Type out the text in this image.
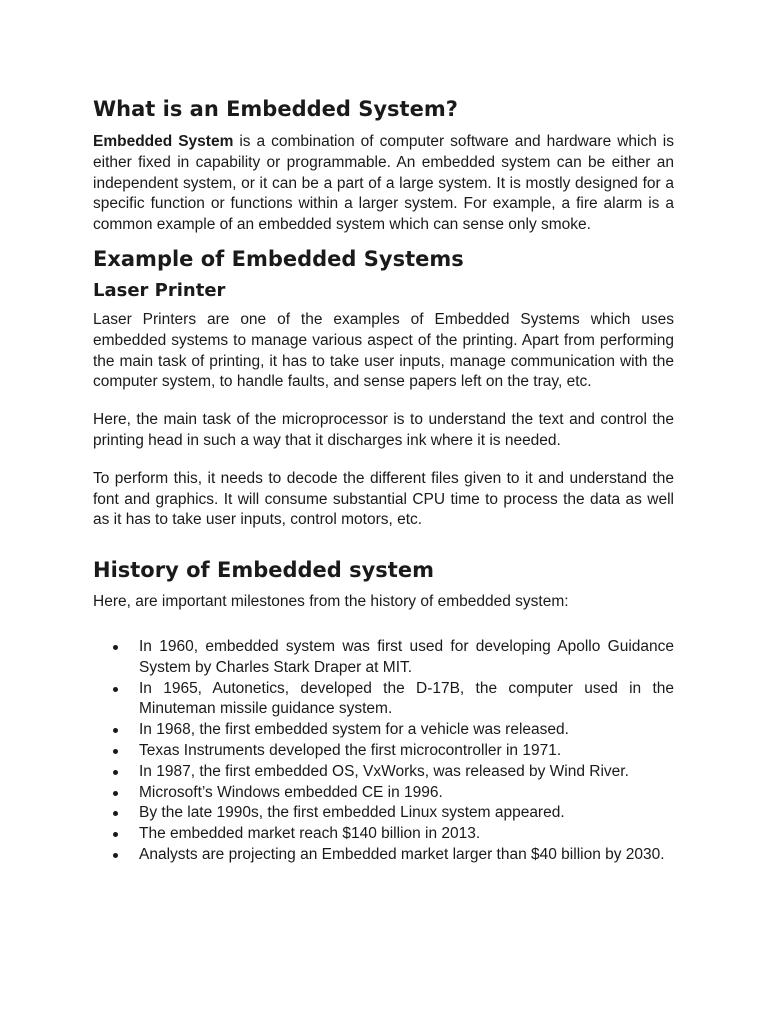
What is an Embedded System?

Embedded System is a combination of computer software and hardware which is either fixed in capability or programmable. An embedded system can be either an independent system, or it can be a part of a large system. It is mostly designed for a specific function or functions within a larger system. For example, a fire alarm is a common example of an embedded system which can sense only smoke.

Example of Embedded Systems
Laser Printer

Laser Printers are one of the examples of Embedded Systems which uses embedded systems to manage various aspect of the printing. Apart from performing the main task of printing, it has to take user inputs, manage communication with the computer system, to handle faults, and sense papers left on the tray, etc.

Here, the main task of the microprocessor is to understand the text and control the printing head in such a way that it discharges ink where it is needed.

To perform this, it needs to decode the different files given to it and understand the font and graphics. It will consume substantial CPU time to process the data as well as it has to take user inputs, control motors, etc.

History of Embedded system

Here, are important milestones from the history of embedded system:

In 1960, embedded system was first used for developing Apollo Guidance System by Charles Stark Draper at MIT.
In 1965, Autonetics, developed the D-17B, the computer used in the Minuteman missile guidance system.
In 1968, the first embedded system for a vehicle was released.
Texas Instruments developed the first microcontroller in 1971.
In 1987, the first embedded OS, VxWorks, was released by Wind River.
Microsoft’s Windows embedded CE in 1996.
By the late 1990s, the first embedded Linux system appeared.
The embedded market reach $140 billion in 2013.
Analysts are projecting an Embedded market larger than $40 billion by 2030.
